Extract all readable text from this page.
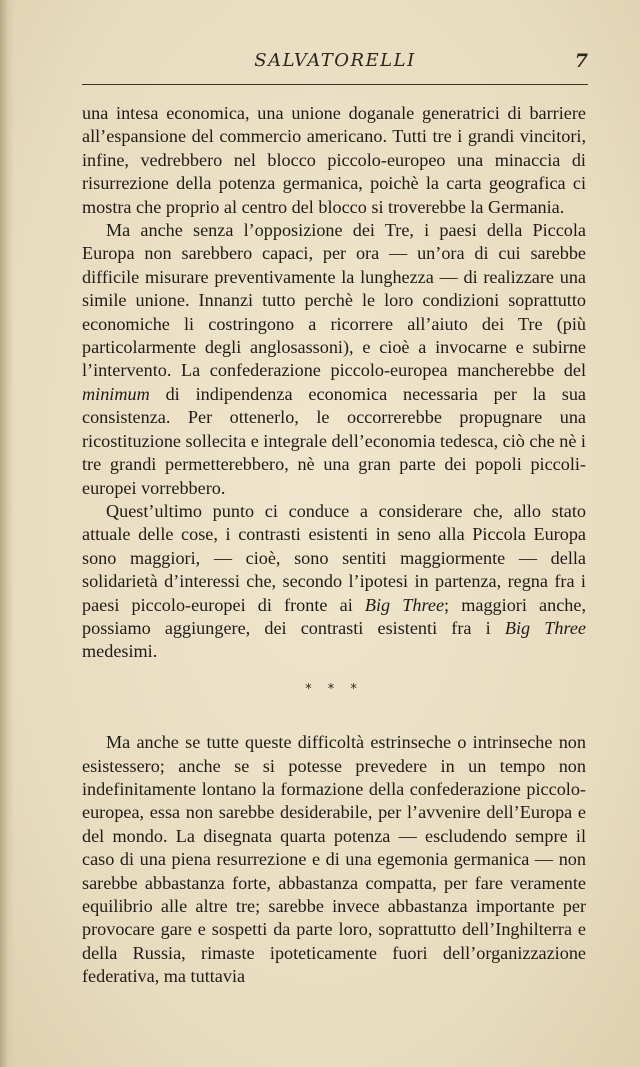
SALVATORELLI	7

una intesa economica, una unione doganale generatrici di barriere all’espansione del commercio americano. Tutti tre i grandi vincitori, infine, vedrebbero nel blocco piccolo-europeo una minaccia di risurrezione della potenza germanica, poichè la carta geografica ci mostra che proprio al centro del blocco si troverebbe la Germania.

Ma anche senza l’opposizione dei Tre, i paesi della Piccola Europa non sarebbero capaci, per ora — un’ora di cui sarebbe difficile misurare preventivamente la lunghezza — di realizzare una simile unione. Innanzi tutto perchè le loro condizioni soprattutto economiche li costringono a ricorrere all’aiuto dei Tre (più particolarmente degli anglosassoni), e cioè a invocarne e subirne l’intervento. La confederazione piccolo-europea mancherebbe del minimum di indipendenza economica necessaria per la sua consistenza. Per ottenerlo, le occorrerebbe propugnare una ricostituzione sollecita e integrale dell’economia tedesca, ciò che nè i tre grandi permetterebbero, nè una gran parte dei popoli piccoli-europei vorrebbero.

Quest’ultimo punto ci conduce a considerare che, allo stato attuale delle cose, i contrasti esistenti in seno alla Piccola Europa sono maggiori, — cioè, sono sentiti maggiormente — della solidarietà d’interessi che, secondo l’ipotesi in partenza, regna fra i paesi piccolo-europei di fronte ai Big Three; maggiori anche, possiamo aggiungere, dei contrasti esistenti fra i Big Three medesimi.

* * *

Ma anche se tutte queste difficoltà estrinseche o intrinseche non esistessero; anche se si potesse prevedere in un tempo non indefinitamente lontano la formazione della confederazione piccolo-europea, essa non sarebbe desiderabile, per l’avvenire dell’Europa e del mondo. La disegnata quarta potenza — escludendo sempre il caso di una piena resurrezione e di una egemonia germanica — non sarebbe abbastanza forte, abbastanza compatta, per fare veramente equilibrio alle altre tre; sarebbe invece abbastanza importante per provocare gare e sospetti da parte loro, soprattutto dell’Inghilterra e della Russia, rimaste ipoteticamente fuori dell’organizzazione federativa, ma tuttavia
